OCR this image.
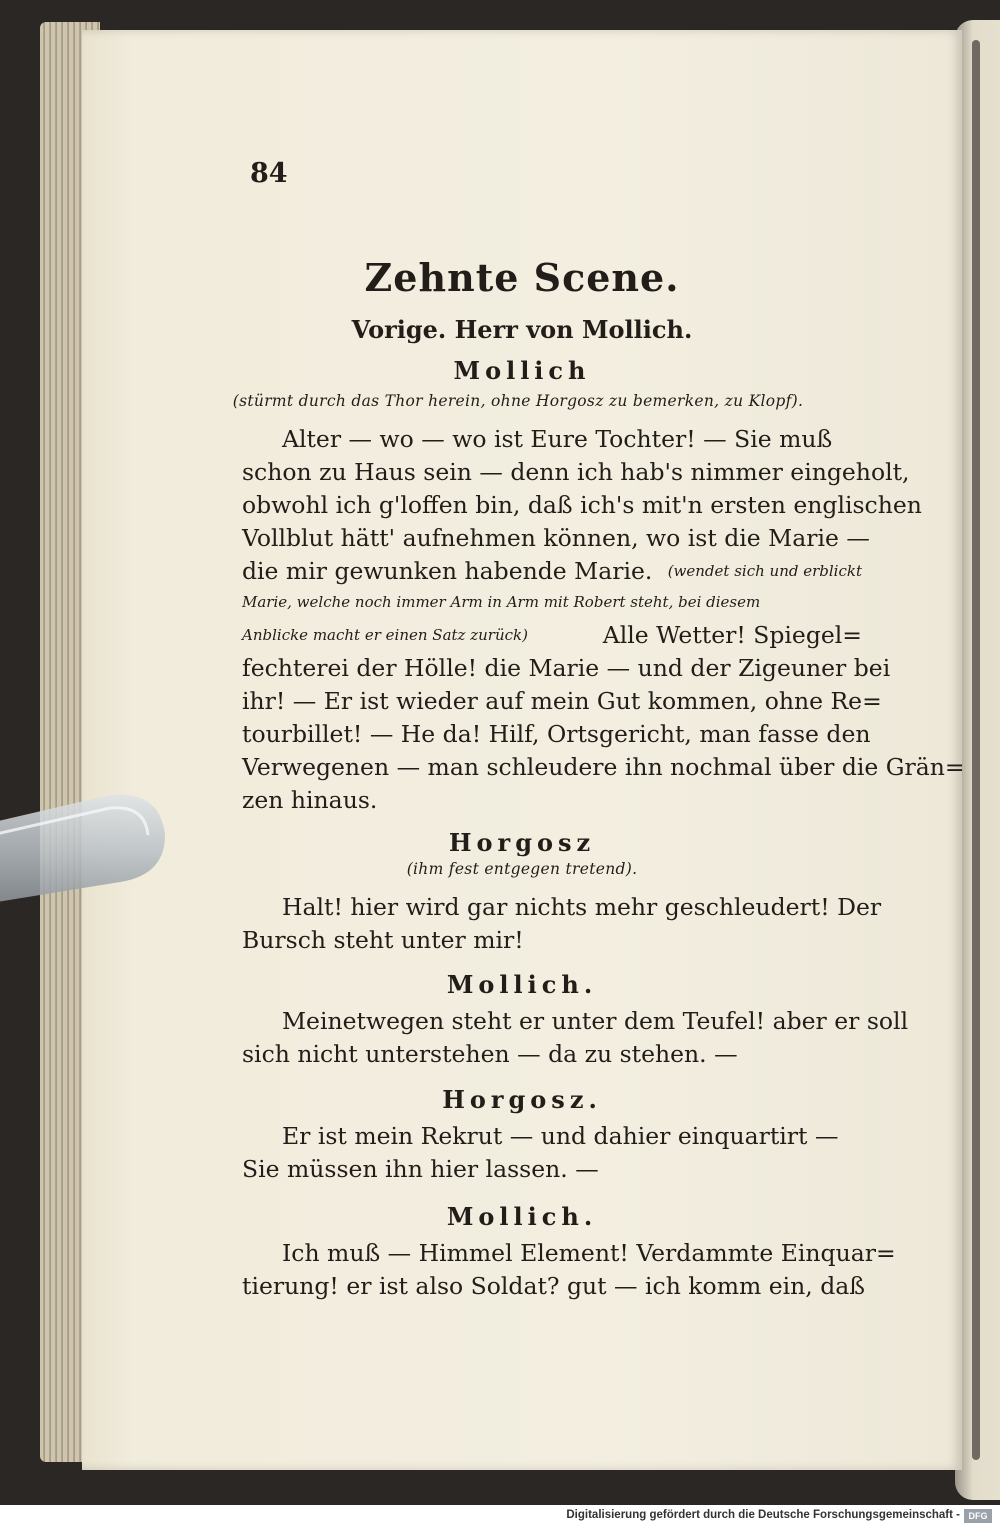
84
Zehnte Scene.
Vorige. Herr von Mollich.
Mollich
(stürmt durch das Thor herein, ohne Horgosz zu bemerken, zu Klopf).
Alter — wo — wo ist Eure Tochter! — Sie muß
schon zu Haus sein — denn ich hab's nimmer eingeholt,
obwohl ich g'loffen bin, daß ich's mit'n ersten englischen
Vollblut hätt' aufnehmen können, wo ist die Marie —
die mir gewunken habende Marie. (wendet sich und erblickt
Marie, welche noch immer Arm in Arm mit Robert steht, bei diesem
Anblicke macht er einen Satz zurück)	Alle Wetter! Spiegel=
fechterei der Hölle! die Marie — und der Zigeuner bei
ihr! — Er ist wieder auf mein Gut kommen, ohne Re=
tourbillet! — He da! Hilf, Ortsgericht, man fasse den
Verwegenen — man schleudere ihn nochmal über die Grän=
zen hinaus.
Horgosz
(ihm fest entgegen tretend).
Halt! hier wird gar nichts mehr geschleudert! Der
Bursch steht unter mir!
Mollich.
Meinetwegen steht er unter dem Teufel! aber er soll
sich nicht unterstehen — da zu stehen. —
Horgosz.
Er ist mein Rekrut — und dahier einquartirt —
Sie müssen ihn hier lassen. —
Mollich.
Ich muß — Himmel Element! Verdammte Einquar=
tierung! er ist also Soldat? gut — ich komm ein, daß
Digitalisierung gefördert durch die Deutsche Forschungsgemeinschaft - DFG
